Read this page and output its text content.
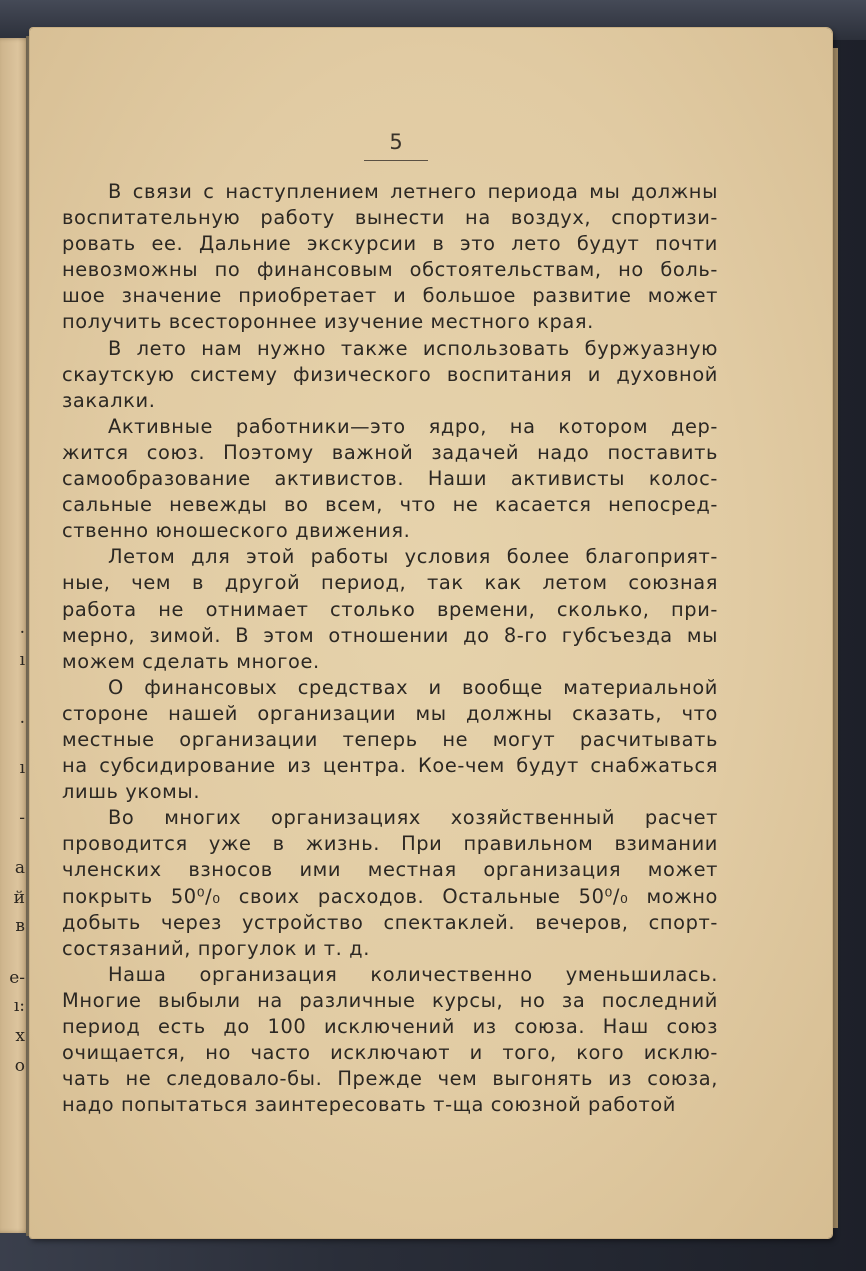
.
ı
.
ı
-
а
й
в
е-
ı:
х
о
5

В связи с наступлением летнего периода мы должны
воспитательную работу вынести на воздух, спортизи-
ровать ее. Дальние экскурсии в это лето будут почти
невозможны по финансовым обстоятельствам, но боль-
шое значение приобретает и большое развитие может
получить всестороннее изучение местного края.

В лето нам нужно также использовать буржуазную
скаутскую систему физического воспитания и духовной
закалки.

Активные работники—это ядро, на котором дер-
жится союз. Поэтому важной задачей надо поставить
самообразование активистов. Наши активисты колос-
сальные невежды во всем, что не касается непосред-
ственно юношеского движения.

Летом для этой работы условия более благоприят-
ные, чем в другой период, так как летом союзная
работа не отнимает столько времени, сколько, при-
мерно, зимой. В этом отношении до 8-го губсъезда мы
можем сделать многое.

О финансовых средствах и вообще материальной
стороне нашей организации мы должны сказать, что
местные организации теперь не могут расчитывать
на субсидирование из центра. Кое-чем будут снабжаться
лишь укомы.

Во многих организациях хозяйственный расчет
проводится уже в жизнь. При правильном взимании
членских взносов ими местная организация может
покрыть 50⁰/₀ своих расходов. Остальные 50⁰/₀ можно
добыть через устройство спектаклей. вечеров, спорт-
состязаний, прогулок и т. д.

Наша организация количественно уменьшилась.
Многие выбыли на различные курсы, но за последний
период есть до 100 исключений из союза. Наш союз
очищается, но часто исключают и того, кого исклю-
чать не следовало-бы. Прежде чем выгонять из союза,
надо попытаться заинтересовать т-ща союзной работой
